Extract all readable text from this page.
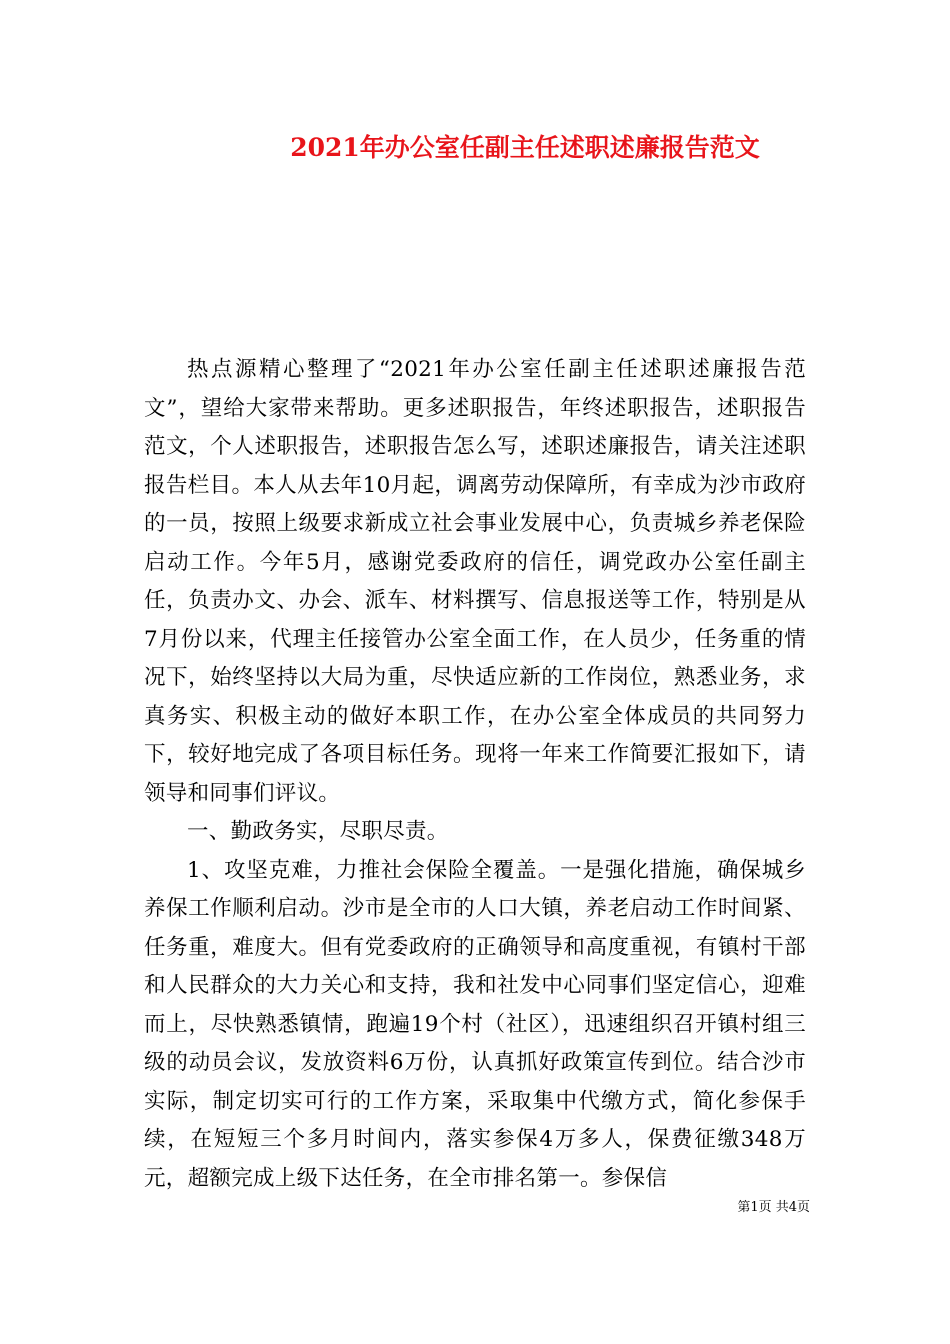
2021年办公室任副主任述职述廉报告范文

热点源精心整理了“2021年办公室任副主任述职述廉报告范文”，望给大家带来帮助。更多述职报告，年终述职报告，述职报告范文，个人述职报告，述职报告怎么写，述职述廉报告，请关注述职报告栏目。本人从去年10月起，调离劳动保障所，有幸成为沙市政府的一员，按照上级要求新成立社会事业发展中心，负责城乡养老保险启动工作。今年5月，感谢党委政府的信任，调党政办公室任副主任，负责办文、办会、派车、材料撰写、信息报送等工作，特别是从7月份以来，代理主任接管办公室全面工作，在人员少，任务重的情况下，始终坚持以大局为重，尽快适应新的工作岗位，熟悉业务，求真务实、积极主动的做好本职工作，在办公室全体成员的共同努力下，较好地完成了各项目标任务。现将一年来工作简要汇报如下，请领导和同事们评议。

一、勤政务实，尽职尽责。

1、攻坚克难，力推社会保险全覆盖。一是强化措施，确保城乡养保工作顺利启动。沙市是全市的人口大镇，养老启动工作时间紧、任务重，难度大。但有党委政府的正确领导和高度重视，有镇村干部和人民群众的大力关心和支持，我和社发中心同事们坚定信心，迎难而上，尽快熟悉镇情，跑遍19个村（社区），迅速组织召开镇村组三级的动员会议，发放资料6万份，认真抓好政策宣传到位。结合沙市实际，制定切实可行的工作方案，采取集中代缴方式，简化参保手续，在短短三个多月时间内，落实参保4万多人，保费征缴348万元，超额完成上级下达任务，在全市排名第一。参保信

第1页 共4页
